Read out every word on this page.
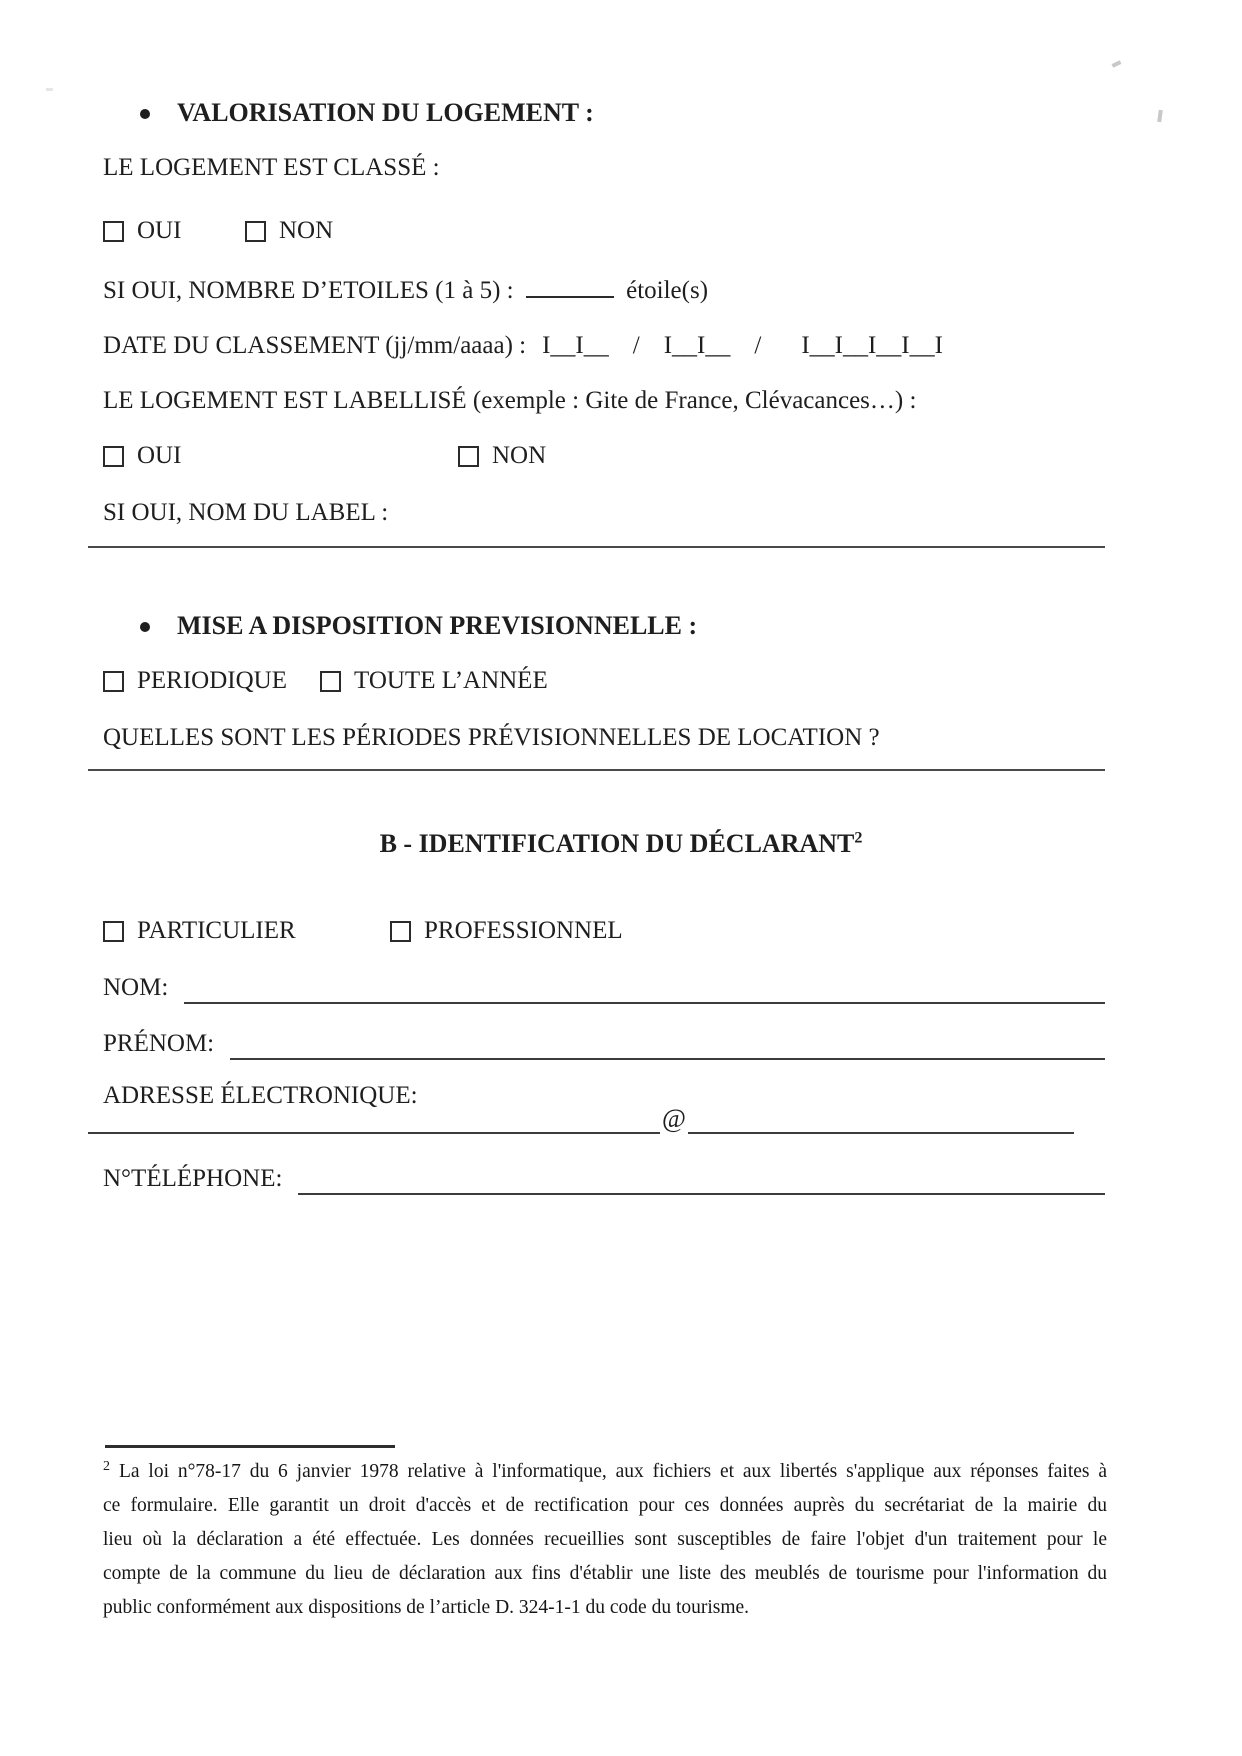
VALORISATION DU LOGEMENT :
LE LOGEMENT EST CLASSÉ :
OUI	NON
SI OUI, NOMBRE D’ETOILES (1 à 5) :	étoile(s)
DATE DU CLASSEMENT (jj/mm/aaaa) : I__I__ / I__I__ / I__I__I__I__I
LE LOGEMENT EST LABELLISÉ (exemple : Gite de France, Clévacances…) :
OUI	NON
SI OUI, NOM DU LABEL :
MISE A DISPOSITION PREVISIONNELLE :
PERIODIQUE	TOUTE L’ANNÉE
QUELLES SONT LES PÉRIODES PRÉVISIONNELLES DE LOCATION ?
B - IDENTIFICATION DU DÉCLARANT$^2$
PARTICULIER	PROFESSIONNEL
NOM:
PRÉNOM:
ADRESSE ÉLECTRONIQUE:
@
N°TÉLÉPHONE:
$^2$ La loi n°78-17 du 6 janvier 1978 relative à l'informatique, aux fichiers et aux libertés s'applique aux réponses faites à
ce formulaire. Elle garantit un droit d'accès et de rectification pour ces données auprès du secrétariat de la mairie du
lieu où la déclaration a été effectuée. Les données recueillies sont susceptibles de faire l'objet d'un traitement pour le
compte de la commune du lieu de déclaration aux fins d'établir une liste des meublés de tourisme pour l'information du
public conformément aux dispositions de l’article D. 324-1-1 du code du tourisme.
